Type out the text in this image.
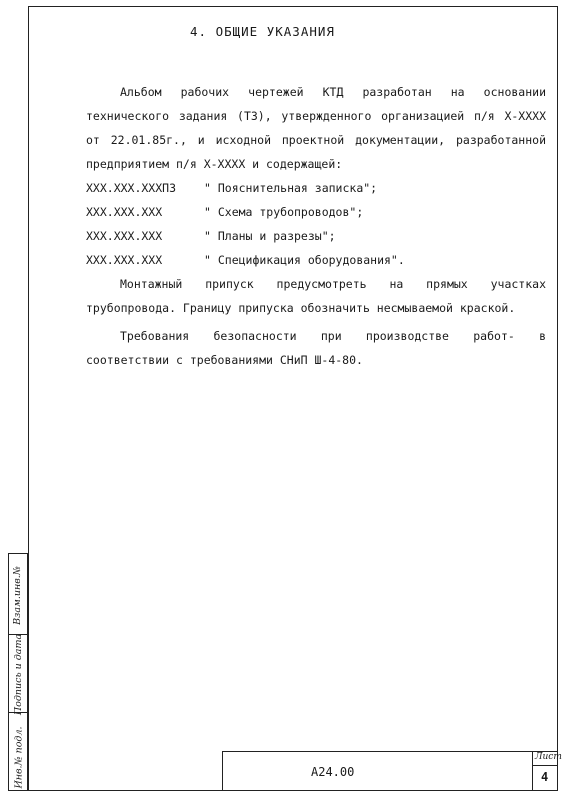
4. ОБЩИЕ УКАЗАНИЯ

Альбом рабочих чертежей КТД разработан на основании технического задания (ТЗ), утвержденного организацией п/я Х-ХХХХ от 22.01.85г., и исходной проектной документации, разработанной предприятием п/я Х-ХХХХ и содержащей:

ХХХ.ХХХ.ХХХПЗ " Пояснительная записка";

ХХХ.ХХХ.ХХХ	" Схема трубопроводов";

ХХХ.ХХХ.ХХХ	" Планы и разрезы";

ХХХ.ХХХ.ХХХ	" Спецификация оборудования".

Монтажный припуск предусмотреть на прямых участках трубопровода. Границу припуска обозначить несмываемой краской.

Требования безопасности при производстве работ- в соответствии с требованиями СНиП Ш-4-80.

Инв.№ подл.
Подпись и дата
Взам.инв.№
А24.00
Лист
4
